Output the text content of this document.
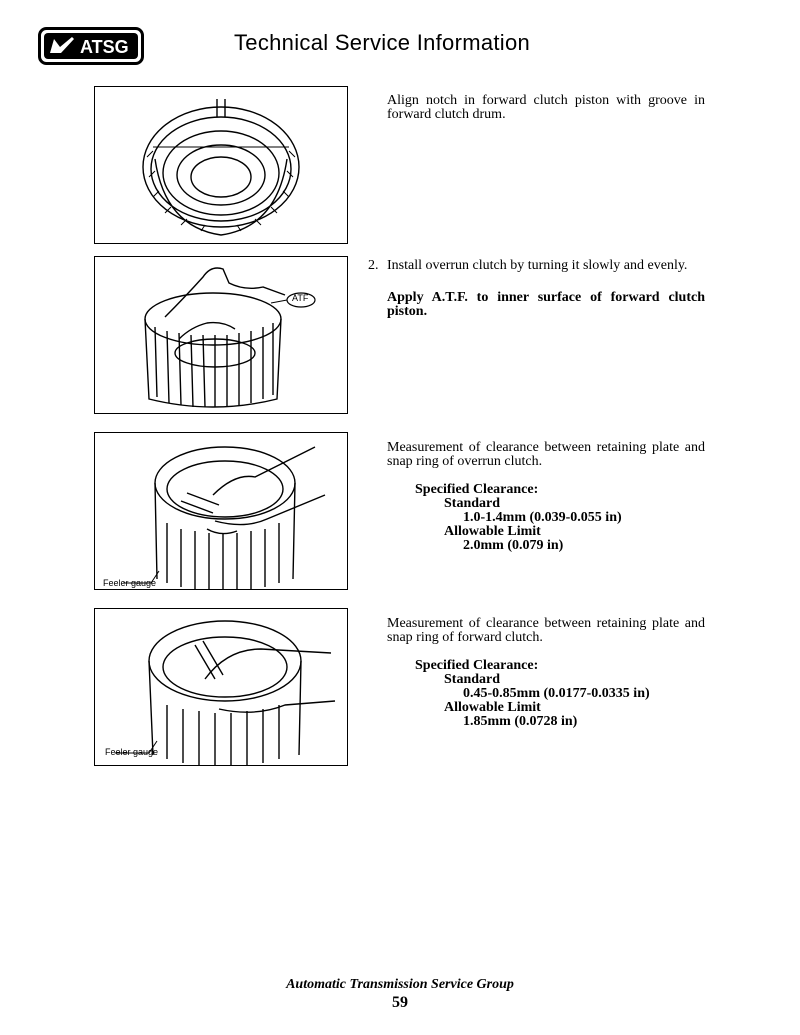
ATSG	Technical Service Information
Align notch in forward clutch piston with groove in forward clutch drum.
ATF
2. Install overrun clutch by turning it slowly and evenly.
Apply A.T.F. to inner surface of forward clutch piston.
Feeler gauge
Measurement of clearance between retaining plate and snap ring of overrun clutch.
Specified Clearance:
Standard
1.0-1.4mm (0.039-0.055 in)
Allowable Limit
2.0mm (0.079 in)
Feeler gauge
Measurement of clearance between retaining plate and snap ring of forward clutch.
Specified Clearance:
Standard
0.45-0.85mm (0.0177-0.0335 in)
Allowable Limit
1.85mm (0.0728 in)
Automatic Transmission Service Group
59
